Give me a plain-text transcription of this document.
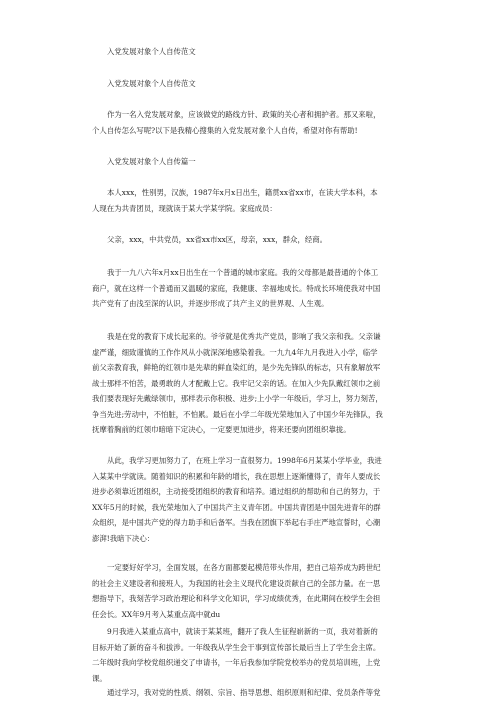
入党发展对象个人自传范文

入党发展对象个人自传范文

作为一名入党发展对象，应该做党的路线方针、政策的关心者和拥护者。那又来啦，
个人自传怎么写呢?以下是我精心搜集的入党发展对象个人自传，希望对你有帮助!

入党发展对象个人自传篇一

本人xxx，性别男，汉族，1987年x月x日出生，籍贯xx省xx市，在读大学本科，本
人现在为共青团员，现就读于某大学某学院。家庭成员：

父亲，xxx，中共党员，xx省xx市xx区，母亲，xxx，群众，经商。

我于一九八六年x月xx日出生在一个普通的城市家庭。我的父母都是最普通的个体工
商户，就在这样一个普通而又温暖的家庭，我健康、幸福地成长。特成长环境使我对中国
共产党有了由浅至深的认识，并逐步形成了共产主义的世界观、人生观。

我是在党的教育下成长起来的。爷爷就是优秀共产党员，影响了我父亲和我。父亲谦
虚严谨，细致谨慎的工作作风从小就深深地感染着我。一九九4年九月我进入小学，临学
前父亲教育我，鲜艳的红领巾是先辈的鲜血染红的，是少先先锋队的标志，只有象解放军
战士那样不怕苦，最勇敢的人才配戴上它。我牢记父亲的话。在加入少先队戴红领巾之前
我们要表现好先戴绿领巾，那样表示你积极、进步;上小学一年级后，学习上，努力刻苦，
争当先进;劳动中，不怕脏，不怕累。最后在小学二年级光荣地加入了中国少年先锋队，我
抚摩着胸前的红领巾暗暗下定决心，一定要更加进步，将来还要向团组织靠拢。

从此，我学习更加努力了，在班上学习一直很努力。1998年6月某某小学毕业，我进
入某某中学就读。随着知识的积累和年龄的增长，我在思想上逐渐懂得了，青年人要成长
进步必须靠近团组织，主动接受团组织的教育和培养。通过组织的帮助和自己的努力，于
XX年5月的时候，我光荣地加入了中国共产主义青年团。中国共青团是中国先进青年的群
众组织，是中国共产党的得力助手和后备军。当我在团旗下举起右手庄严地宣誓时，心潮
澎湃!我暗下决心：

一定要好好学习，全面发展，在各方面都要起模范带头作用，把自己培养成为跨世纪
的社会主义建设者和接班人，为我国的社会主义现代化建设贡献自己的全部力量。在一思
想指导下，我刻苦学习政治理论和科学文化知识，学习成绩优秀，在此期间在校学生会担
任会长。XX年9月考入某重点高中就du

9月我进入某重点高中，就读于某某班，翻开了我人生征程崭新的一页，我对着新的
目标开始了新的奋斗和拔涉。一年级我从学生会干事到宣传部长最后当上了学生会主席。
二年级时我向学校党组织递交了申请书，一年后我参加学院党校举办的党员培训班，上党
课。

通过学习，我对党的性质、纲领、宗旨、指导思想、组织原则和纪律、党员条件等党
